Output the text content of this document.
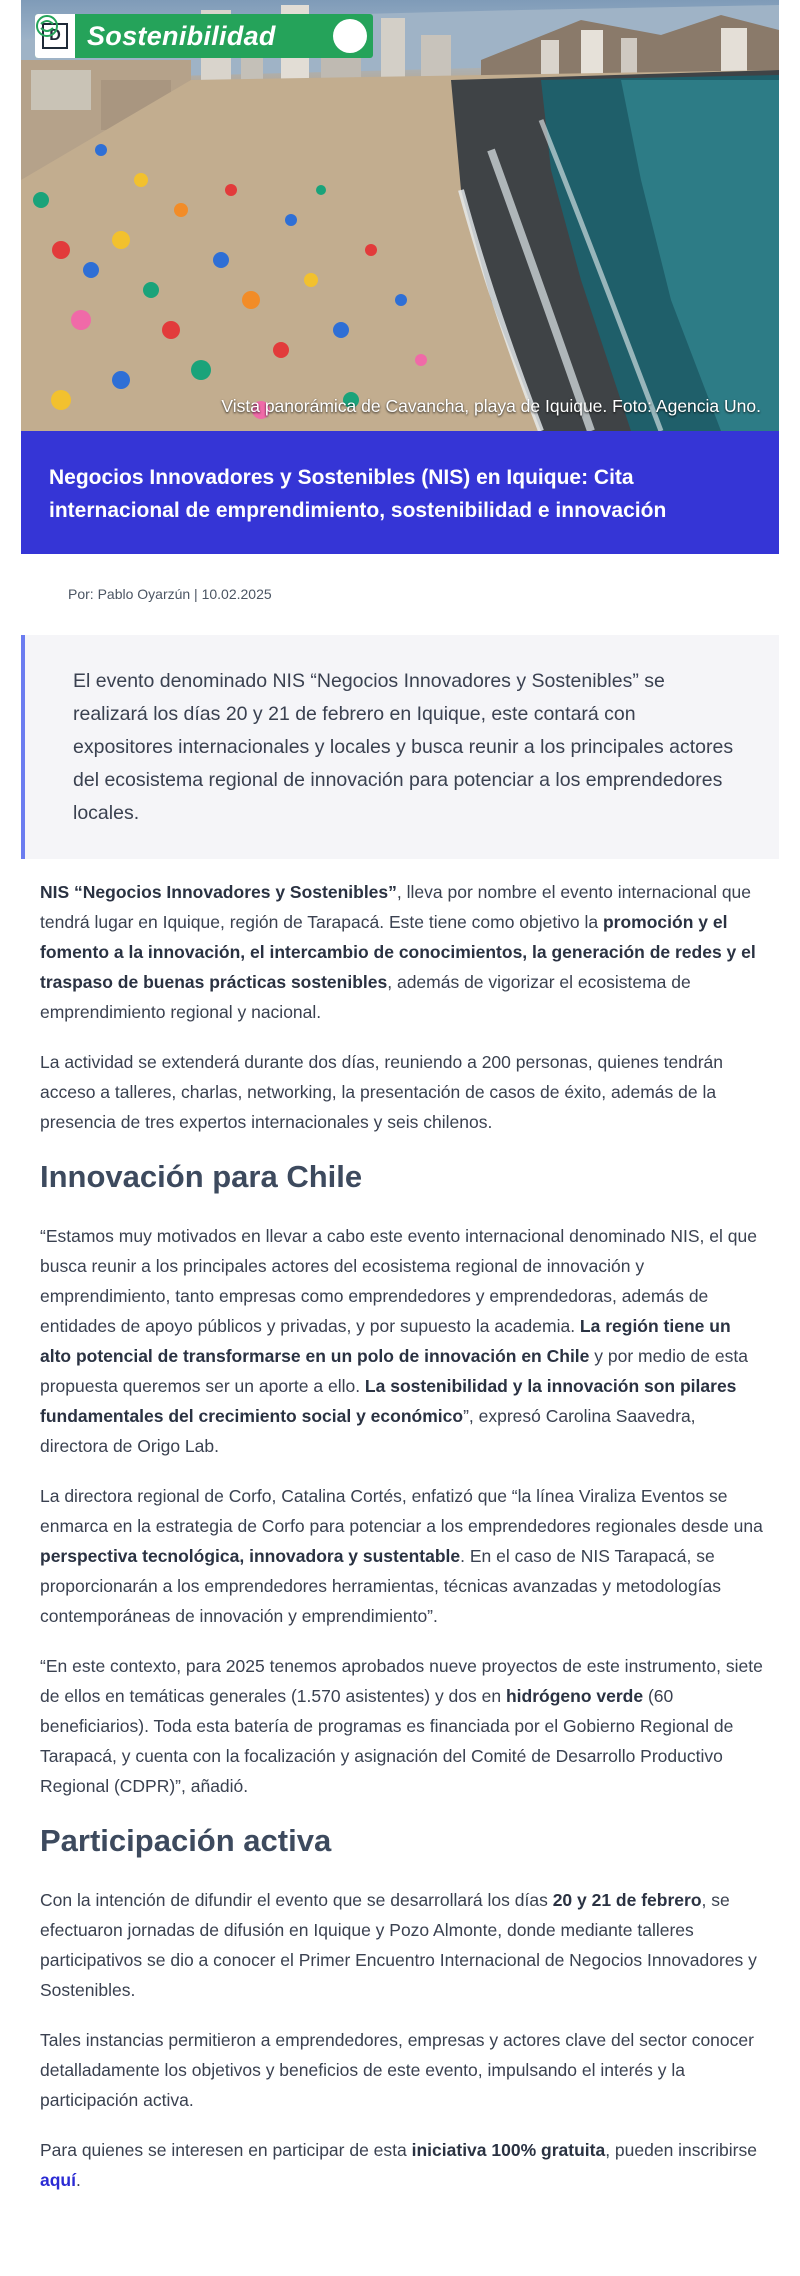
D Sostenibilidad
Vista panorámica de Cavancha, playa de Iquique. Foto: Agencia Uno.
Negocios Innovadores y Sostenibles (NIS) en Iquique: Cita internacional de emprendimiento, sostenibilidad e innovación
Por: Pablo Oyarzún | 10.02.2025

El evento denominado NIS “Negocios Innovadores y Sostenibles” se realizará los días 20 y 21 de febrero en Iquique, este contará con expositores internacionales y locales y busca reunir a los principales actores del ecosistema regional de innovación para potenciar a los emprendedores locales.

NIS “Negocios Innovadores y Sostenibles”, lleva por nombre el evento internacional que tendrá lugar en Iquique, región de Tarapacá. Este tiene como objetivo la promoción y el fomento a la innovación, el intercambio de conocimientos, la generación de redes y el traspaso de buenas prácticas sostenibles, además de vigorizar el ecosistema de emprendimiento regional y nacional.

La actividad se extenderá durante dos días, reuniendo a 200 personas, quienes tendrán acceso a talleres, charlas, networking, la presentación de casos de éxito, además de la presencia de tres expertos internacionales y seis chilenos.

Innovación para Chile

“Estamos muy motivados en llevar a cabo este evento internacional denominado NIS, el que busca reunir a los principales actores del ecosistema regional de innovación y emprendimiento, tanto empresas como emprendedores y emprendedoras, además de entidades de apoyo públicos y privadas, y por supuesto la academia. La región tiene un alto potencial de transformarse en un polo de innovación en Chile y por medio de esta propuesta queremos ser un aporte a ello. La sostenibilidad y la innovación son pilares fundamentales del crecimiento social y económico”, expresó Carolina Saavedra, directora de Origo Lab.

La directora regional de Corfo, Catalina Cortés, enfatizó que “la línea Viraliza Eventos se enmarca en la estrategia de Corfo para potenciar a los emprendedores regionales desde una perspectiva tecnológica, innovadora y sustentable. En el caso de NIS Tarapacá, se proporcionarán a los emprendedores herramientas, técnicas avanzadas y metodologías contemporáneas de innovación y emprendimiento”.

“En este contexto, para 2025 tenemos aprobados nueve proyectos de este instrumento, siete de ellos en temáticas generales (1.570 asistentes) y dos en hidrógeno verde (60 beneficiarios). Toda esta batería de programas es financiada por el Gobierno Regional de Tarapacá, y cuenta con la focalización y asignación del Comité de Desarrollo Productivo Regional (CDPR)”, añadió.

Participación activa

Con la intención de difundir el evento que se desarrollará los días 20 y 21 de febrero, se efectuaron jornadas de difusión en Iquique y Pozo Almonte, donde mediante talleres participativos se dio a conocer el Primer Encuentro Internacional de Negocios Innovadores y Sostenibles.

Tales instancias permitieron a emprendedores, empresas y actores clave del sector conocer detalladamente los objetivos y beneficios de este evento, impulsando el interés y la participación activa.

Para quienes se interesen en participar de esta iniciativa 100% gratuita, pueden inscribirse aquí.
